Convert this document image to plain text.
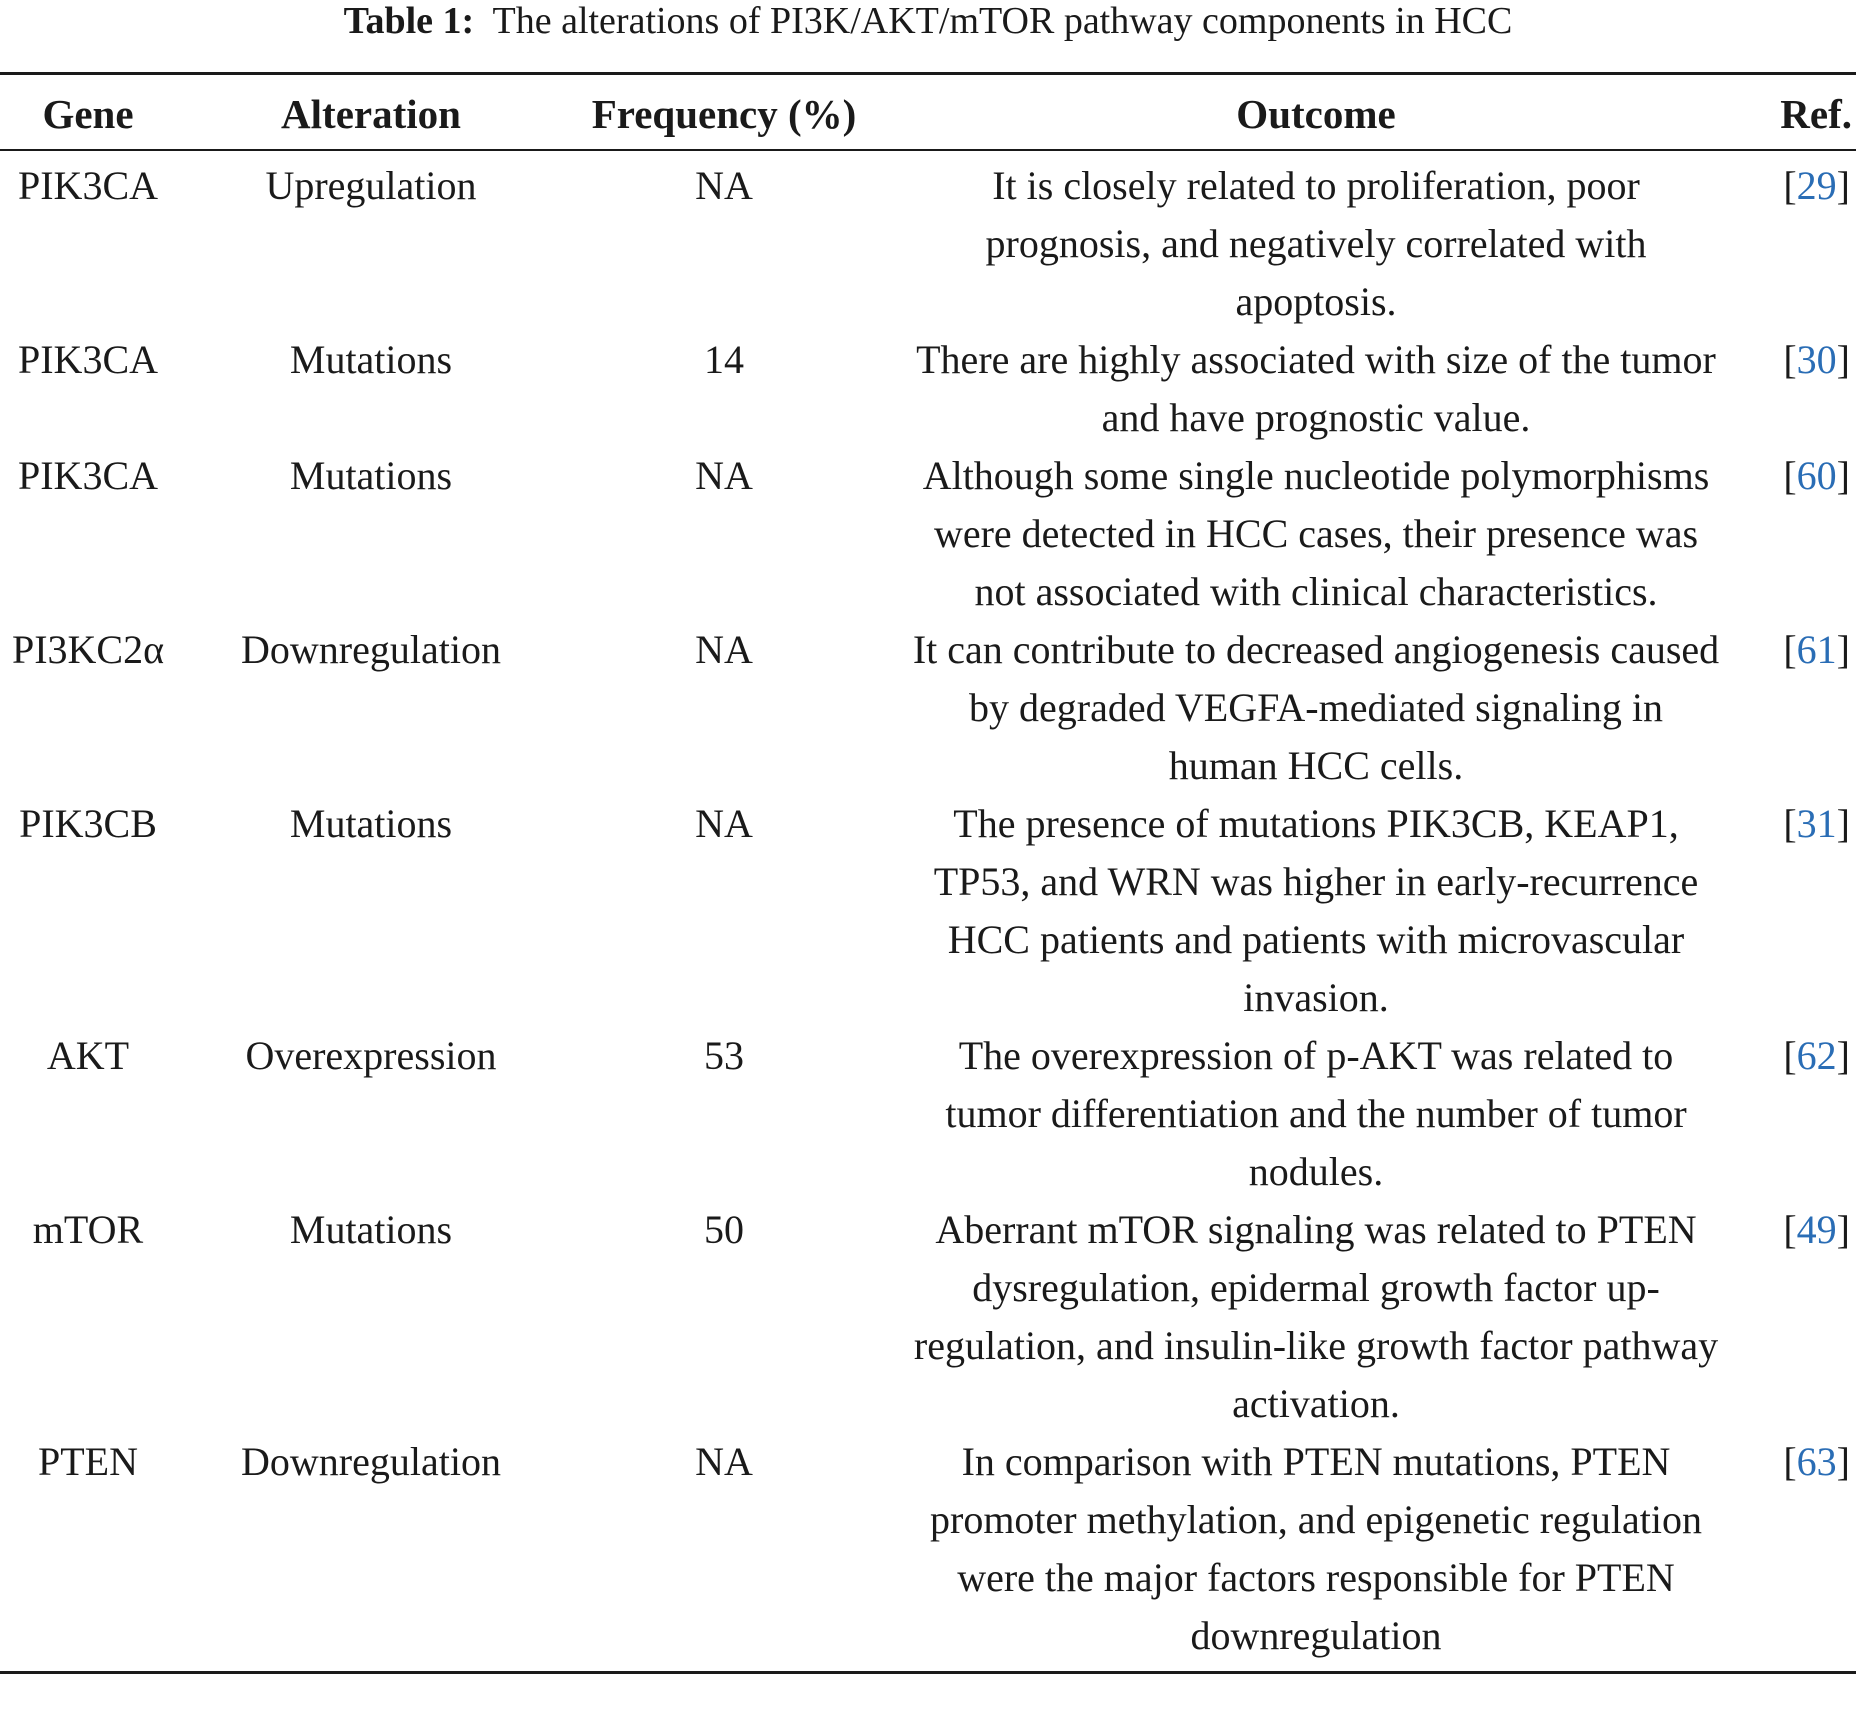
Table 1: The alterations of PI3K/AKT/mTOR pathway components in HCC
Gene	Alteration	Frequency (%)	Outcome	Ref.
PIK3CA	Upregulation	NA	It is closely related to proliferation, poor prognosis, and negatively correlated with apoptosis.	[29]
PIK3CA	Mutations	14	There are highly associated with size of the tumor and have prognostic value.	[30]
PIK3CA	Mutations	NA	Although some single nucleotide polymorphisms were detected in HCC cases, their presence was not associated with clinical characteristics.	[60]
PI3KC2α	Downregulation	NA	It can contribute to decreased angiogenesis caused by degraded VEGFA-mediated signaling in human HCC cells.	[61]
PIK3CB	Mutations	NA	The presence of mutations PIK3CB, KEAP1, TP53, and WRN was higher in early-recurrence HCC patients and patients with microvascular invasion.	[31]
AKT	Overexpression	53	The overexpression of p-AKT was related to tumor differentiation and the number of tumor nodules.	[62]
mTOR	Mutations	50	Aberrant mTOR signaling was related to PTEN dysregulation, epidermal growth factor up-regulation, and insulin-like growth factor pathway activation.	[49]
PTEN	Downregulation	NA	In comparison with PTEN mutations, PTEN promoter methylation, and epigenetic regulation were the major factors responsible for PTEN downregulation	[63]
